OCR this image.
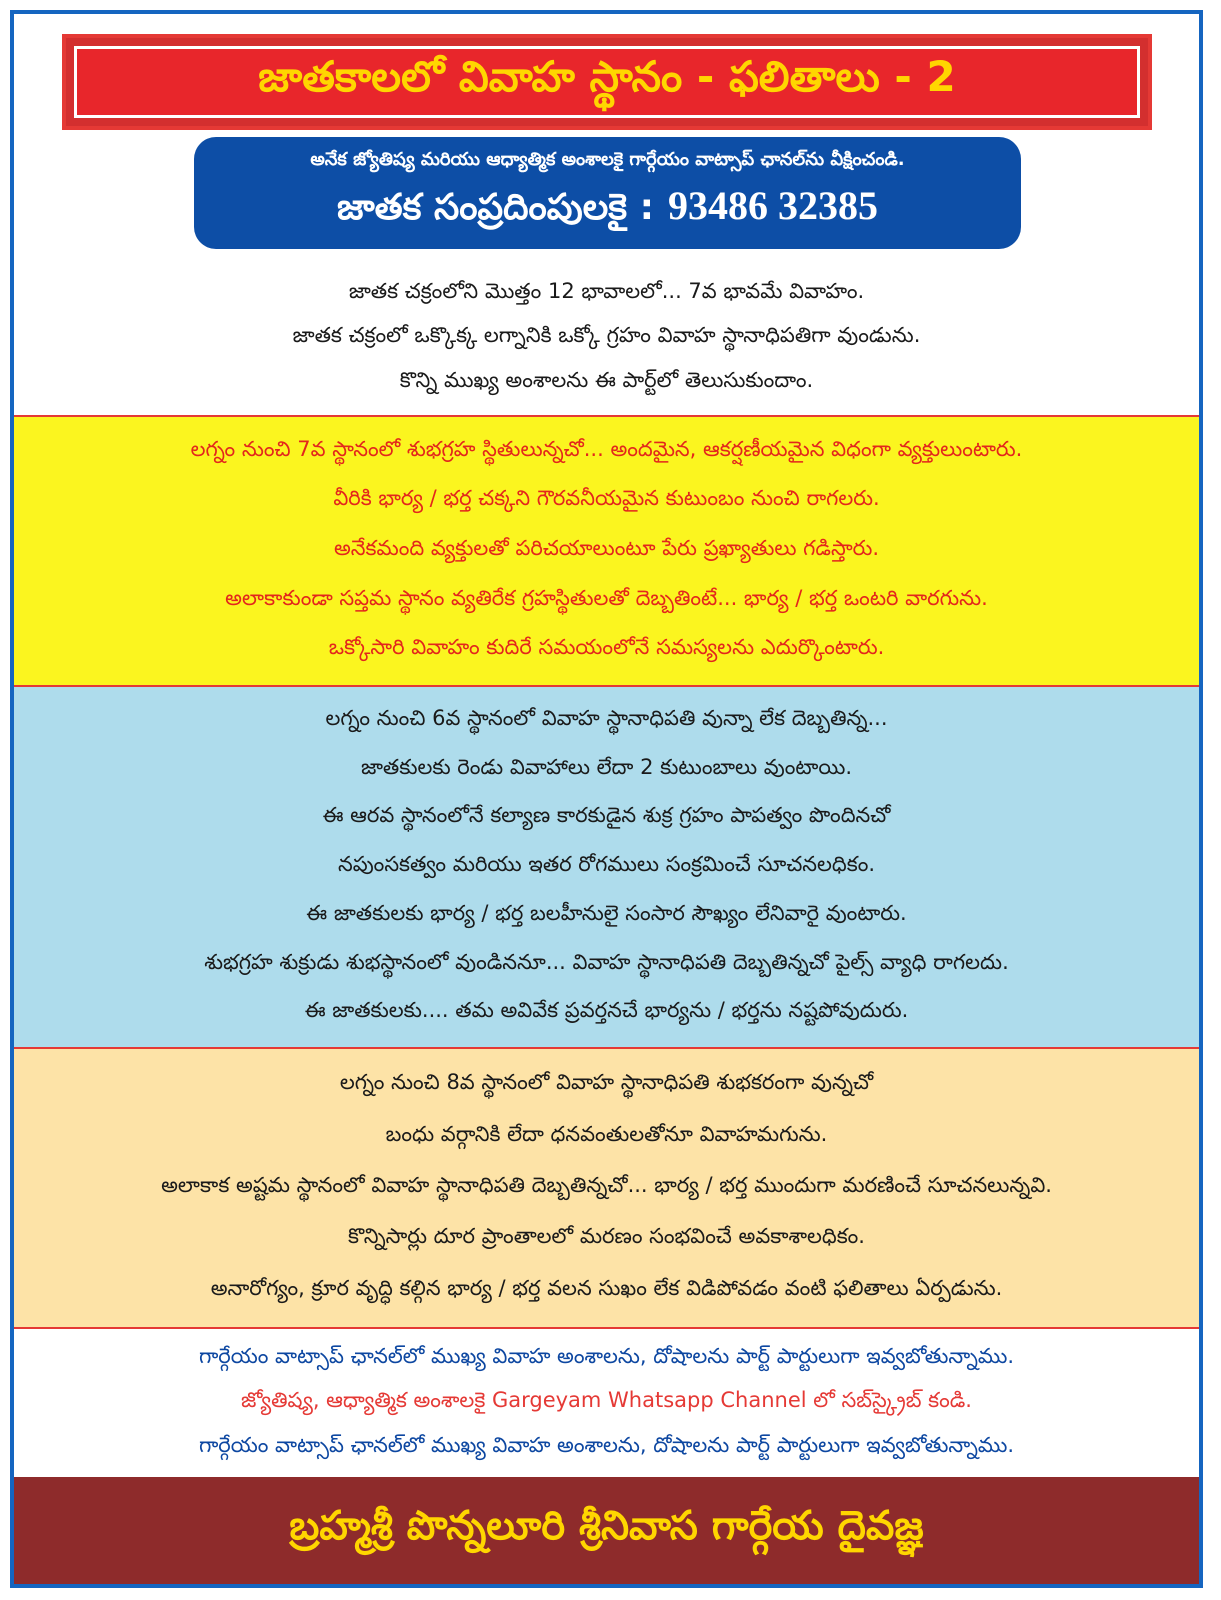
జాతకాలలో వివాహ స్థానం - ఫలితాలు - 2
అనేక జ్యోతిష్య మరియు ఆధ్యాత్మిక అంశాలకై గార్గేయం వాట్సాప్ ఛానల్‌ను వీక్షించండి.
జాతక సంప్రదింపులకై : 93486 32385
జాతక చక్రంలోని మొత్తం 12 భావాలలో... 7వ భావమే వివాహం.
జాతక చక్రంలో ఒక్కొక్క లగ్నానికి ఒక్కో గ్రహం వివాహ స్థానాధిపతిగా వుండును.
కొన్ని ముఖ్య అంశాలను ఈ పార్ట్‌లో తెలుసుకుందాం.
లగ్నం నుంచి 7వ స్థానంలో శుభగ్రహ స్థితులున్నచో... అందమైన, ఆకర్షణీయమైన విధంగా వ్యక్తులుంటారు.
వీరికి భార్య / భర్త చక్కని గౌరవనీయమైన కుటుంబం నుంచి రాగలరు.
అనేకమంది వ్యక్తులతో పరిచయాలుంటూ పేరు ప్రఖ్యాతులు గడిస్తారు.
అలాకాకుండా సప్తమ స్థానం వ్యతిరేక గ్రహస్థితులతో దెబ్బతింటే... భార్య / భర్త ఒంటరి వారగును.
ఒక్కోసారి వివాహం కుదిరే సమయంలోనే సమస్యలను ఎదుర్కొంటారు.
లగ్నం నుంచి 6వ స్థానంలో వివాహ స్థానాధిపతి వున్నా లేక దెబ్బతిన్న...
జాతకులకు రెండు వివాహాలు లేదా 2 కుటుంబాలు వుంటాయి.
ఈ ఆరవ స్థానంలోనే కల్యాణ కారకుడైన శుక్ర గ్రహం పాపత్వం పొందినచో
నపుంసకత్వం మరియు ఇతర రోగములు సంక్రమించే సూచనలధికం.
ఈ జాతకులకు భార్య / భర్త బలహీనులై సంసార సౌఖ్యం లేనివారై వుంటారు.
శుభగ్రహ శుక్రుడు శుభస్థానంలో వుండిననూ... వివాహ స్థానాధిపతి దెబ్బతిన్నచో పైల్స్ వ్యాధి రాగలదు.
ఈ జాతకులకు.... తమ అవివేక ప్రవర్తనచే భార్యను / భర్తను నష్టపోవుదురు.
లగ్నం నుంచి 8వ స్థానంలో వివాహ స్థానాధిపతి శుభకరంగా వున్నచో
బంధు వర్గానికి లేదా ధనవంతులతోనూ వివాహమగును.
అలాకాక అష్టమ స్థానంలో వివాహ స్థానాధిపతి దెబ్బతిన్నచో... భార్య / భర్త ముందుగా మరణించే సూచనలున్నవి.
కొన్నిసార్లు దూర ప్రాంతాలలో మరణం సంభవించే అవకాశాలధికం.
అనారోగ్యం, క్రూర వృద్ధి కల్గిన భార్య / భర్త వలన సుఖం లేక విడిపోవడం వంటి ఫలితాలు ఏర్పడును.
గార్గేయం వాట్సాప్ ఛానల్‌లో ముఖ్య వివాహ అంశాలను, దోషాలను పార్ట్ పార్టులుగా ఇవ్వబోతున్నాము.
జ్యోతిష్య, ఆధ్యాత్మిక అంశాలకై Gargeyam Whatsapp Channel లో సబ్‌స్క్రైబ్ కండి.
గార్గేయం వాట్సాప్ ఛానల్‌లో ముఖ్య వివాహ అంశాలను, దోషాలను పార్ట్ పార్టులుగా ఇవ్వబోతున్నాము.
బ్రహ్మశ్రీ పొన్నలూరి శ్రీనివాస గార్గేయ దైవజ్ఞ
